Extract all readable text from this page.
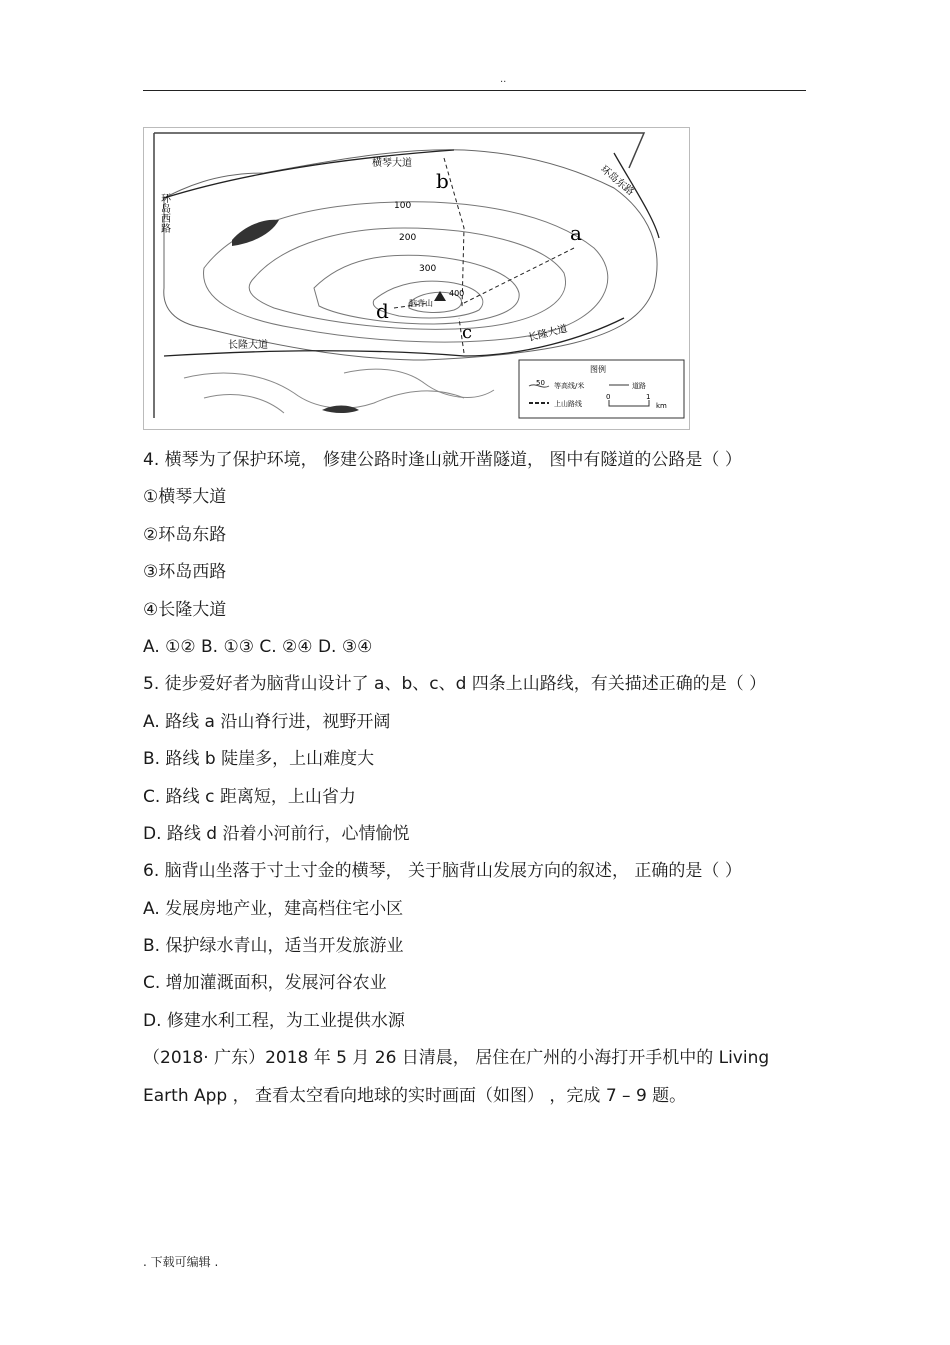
..
横琴大道
b
a
c
d
100
200
300
400
脑背山
长隆大道
长隆大道
环岛西路
环岛东路
图例
50 等高线/米	道路
上山路线
0	1
km
4. 横琴为了保护环境， 修建公路时逢山就开凿隧道， 图中有隧道的公路是（ ）
①横琴大道
②环岛东路
③环岛西路
④长隆大道
A. ①② B. ①③ C. ②④ D. ③④
5. 徒步爱好者为脑背山设计了 a、b、c、d 四条上山路线，有关描述正确的是（ ）
A. 路线 a 沿山脊行进，视野开阔
B. 路线 b 陡崖多，上山难度大
C. 路线 c 距离短，上山省力
D. 路线 d 沿着小河前行，心情愉悦
6. 脑背山坐落于寸土寸金的横琴， 关于脑背山发展方向的叙述， 正确的是（ ）
A. 发展房地产业，建高档住宅小区
B. 保护绿水青山，适当开发旅游业
C. 增加灌溉面积，发展河谷农业
D. 修建水利工程，为工业提供水源
（2018· 广东）2018 年 5 月 26 日清晨， 居住在广州的小海打开手机中的 Living
Earth App ， 查看太空看向地球的实时画面（如图） ，完成 7 – 9 题。
. 下载可编辑 .
